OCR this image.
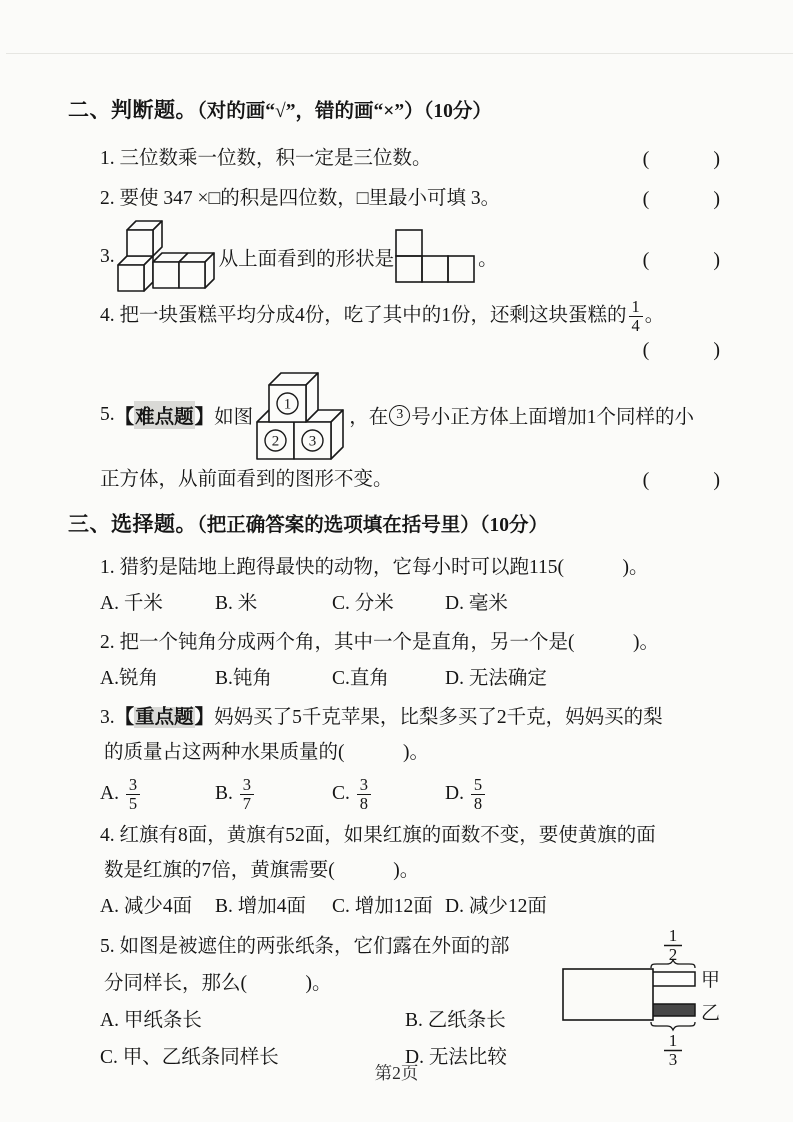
二、判断题。（对的画“√”，错的画“×”）（10分）
1. 三位数乘一位数，积一定是三位数。	(　　　)
2. 要使 347 ×□的积是四位数，□里最小可填 3。	(　　　)
3.	从上面看到的形状是	。	(　　　)
4. 把一块蛋糕平均分成4份，吃了其中的1份，还剩这块蛋糕的 $\frac{1}{4}$ 。
(　　　)
5. 【 难点题 】 如图
1
2 3
，在 3 号小正方体上面增加1个同样的小
正方体，从前面看到的图形不变。	(　　　)
三、选择题。（把正确答案的选项填在括号里）（10分）
1. 猎豹是陆地上跑得最快的动物，它每小时可以跑115(　　　)。
A. 千米	B. 米	C. 分米	D. 毫米
2. 把一个钝角分成两个角，其中一个是直角，另一个是(　　　)。
A.锐角	B.钝角	C.直角	D. 无法确定
3.【重点题】妈妈买了5千克苹果，比梨多买了2千克，妈妈买的梨
的质量占这两种水果质量的(　　　)。
A. $\frac{3}{5}$	B. $\frac{3}{7}$	C. $\frac{3}{8}$	D. $\frac{5}{8}$
4. 红旗有8面，黄旗有52面，如果红旗的面数不变，要使黄旗的面
数是红旗的7倍，黄旗需要(　　　)。
A. 减少4面	B. 增加4面	C. 增加12面 D. 减少12面
5. 如图是被遮住的两张纸条，它们露在外面的部
分同样长，那么(　　　)。
A. 甲纸条长	B. 乙纸条长
C. 甲、乙纸条同样长	D. 无法比较
1
2
甲
乙
1
3
第2页
